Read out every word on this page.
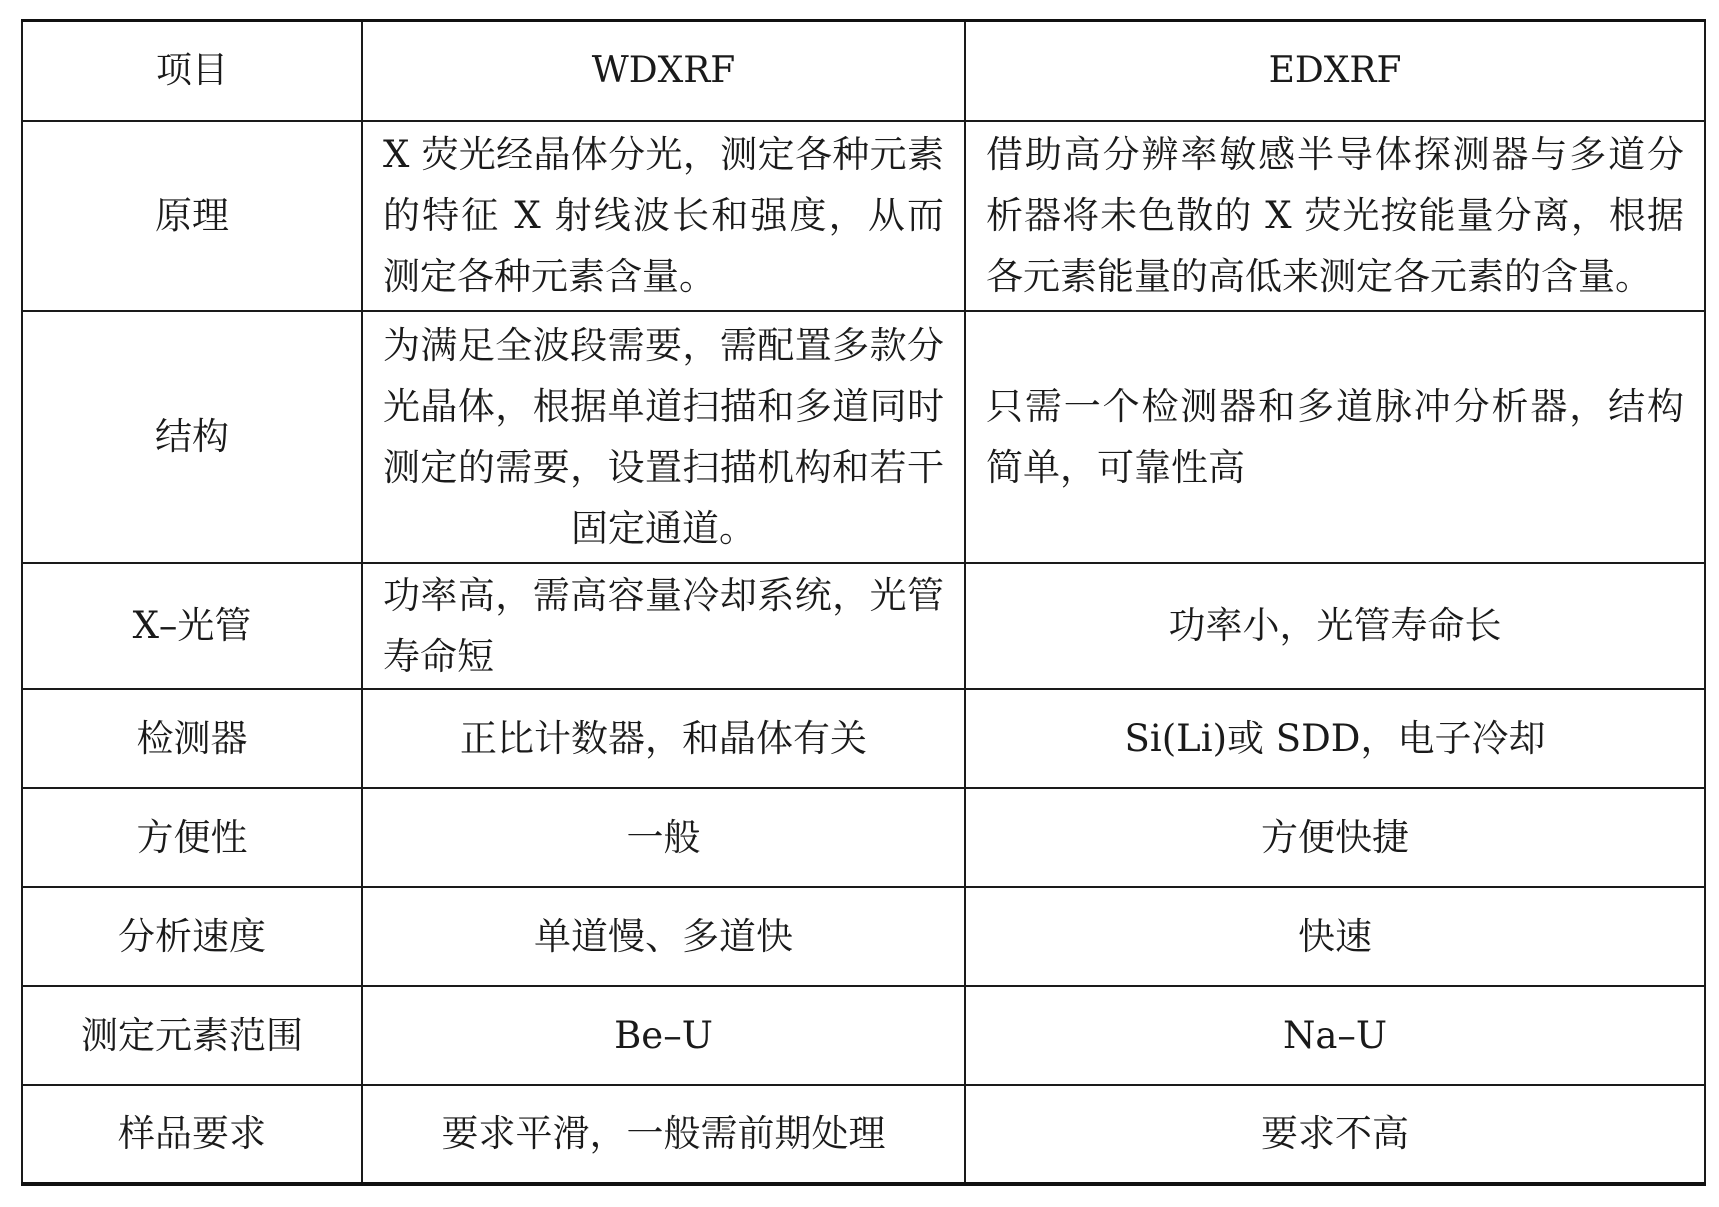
项目	WDXRF	EDXRF
原理	X 荧光经晶体分光，测定各种元素的特征 X 射线波长和强度，从而测定各种元素含量。	借助高分辨率敏感半导体探测器与多道分析器将未色散的 X 荧光按能量分离，根据各元素能量的高低来测定各元素的含量。
结构	为满足全波段需要，需配置多款分光晶体，根据单道扫描和多道同时测定的需要，设置扫描机构和若干固定通道。	只需一个检测器和多道脉冲分析器，结构简单，可靠性高
X–光管	功率高，需高容量冷却系统，光管寿命短	功率小，光管寿命长
检测器	正比计数器，和晶体有关	Si(Li)或 SDD，电子冷却
方便性	一般	方便快捷
分析速度	单道慢、多道快	快速
测定元素范围	Be–U	Na–U
样品要求	要求平滑，一般需前期处理	要求不高
